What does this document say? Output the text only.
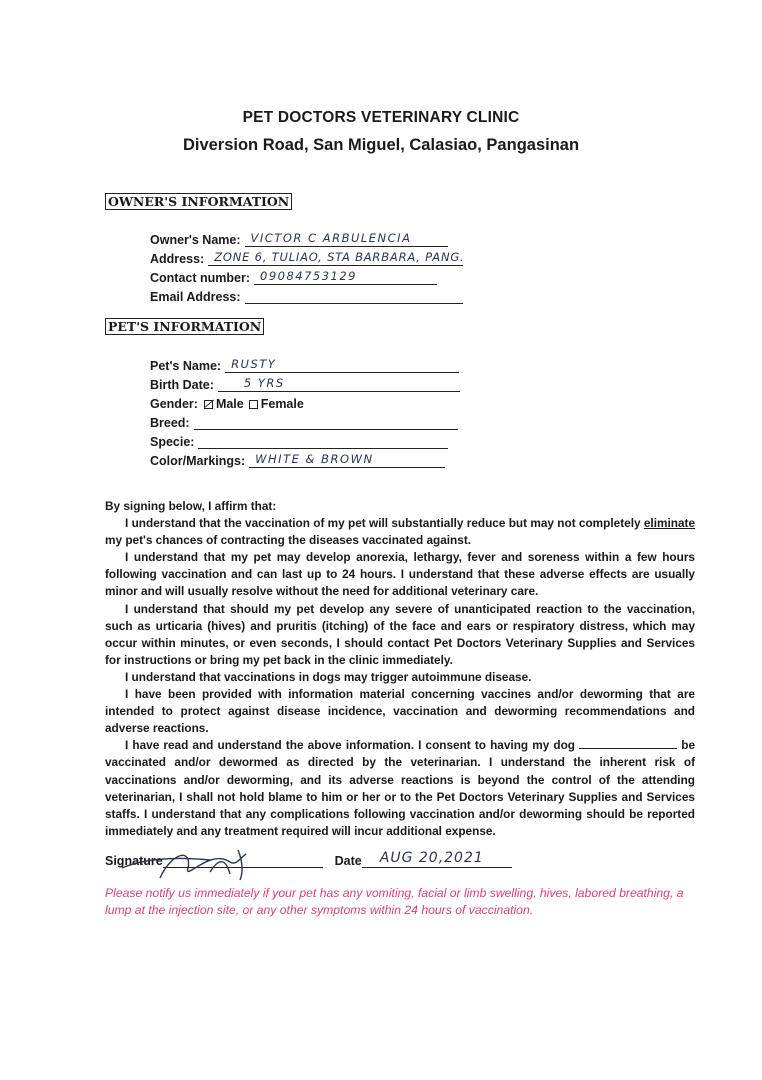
PET DOCTORS VETERINARY CLINIC
Diversion Road, San Miguel, Calasiao, Pangasinan
OWNER'S INFORMATION
Owner's Name: VICTOR C ARBULENCIA
Address: ZONE 6, TULIAO, STA BARBARA, PANG.
Contact number: 09084753129
Email Address:
PET'S INFORMATION
Pet's Name: RUSTY
Birth Date:	5 YRS
Gender: Male Female
Breed:
Specie:
Color/Markings: WHITE & BROWN

By signing below, I affirm that:

I understand that the vaccination of my pet will substantially reduce but may not completely eliminate my pet's chances of contracting the diseases vaccinated against.

I understand that my pet may develop anorexia, lethargy, fever and soreness within a few hours following vaccination and can last up to 24 hours. I understand that these adverse effects are usually minor and will usually resolve without the need for additional veterinary care.

I understand that should my pet develop any severe of unanticipated reaction to the vaccination, such as urticaria (hives) and pruritis (itching) of the face and ears or respiratory distress, which may occur within minutes, or even seconds, I should contact Pet Doctors Veterinary Supplies and Services for instructions or bring my pet back in the clinic immediately.

I understand that vaccinations in dogs may trigger autoimmune disease.

I have been provided with information material concerning vaccines and/or deworming that are intended to protect against disease incidence, vaccination and deworming recommendations and adverse reactions.

I have read and understand the above information. I consent to having my dog	be vaccinated and/or dewormed as directed by the veterinarian. I understand the inherent risk of vaccinations and/or deworming, and its adverse reactions is beyond the control of the attending veterinarian, I shall not hold blame to him or her or to the Pet Doctors Veterinary Supplies and Services staffs. I understand that any complications following vaccination and/or deworming should be reported immediately and any treatment required will incur additional expense.

Signature	Date AUG 20,2021
Please notify us immediately if your pet has any vomiting, facial or limb swelling, hives, labored breathing, a lump at the injection site, or any other symptoms within 24 hours of vaccination.
